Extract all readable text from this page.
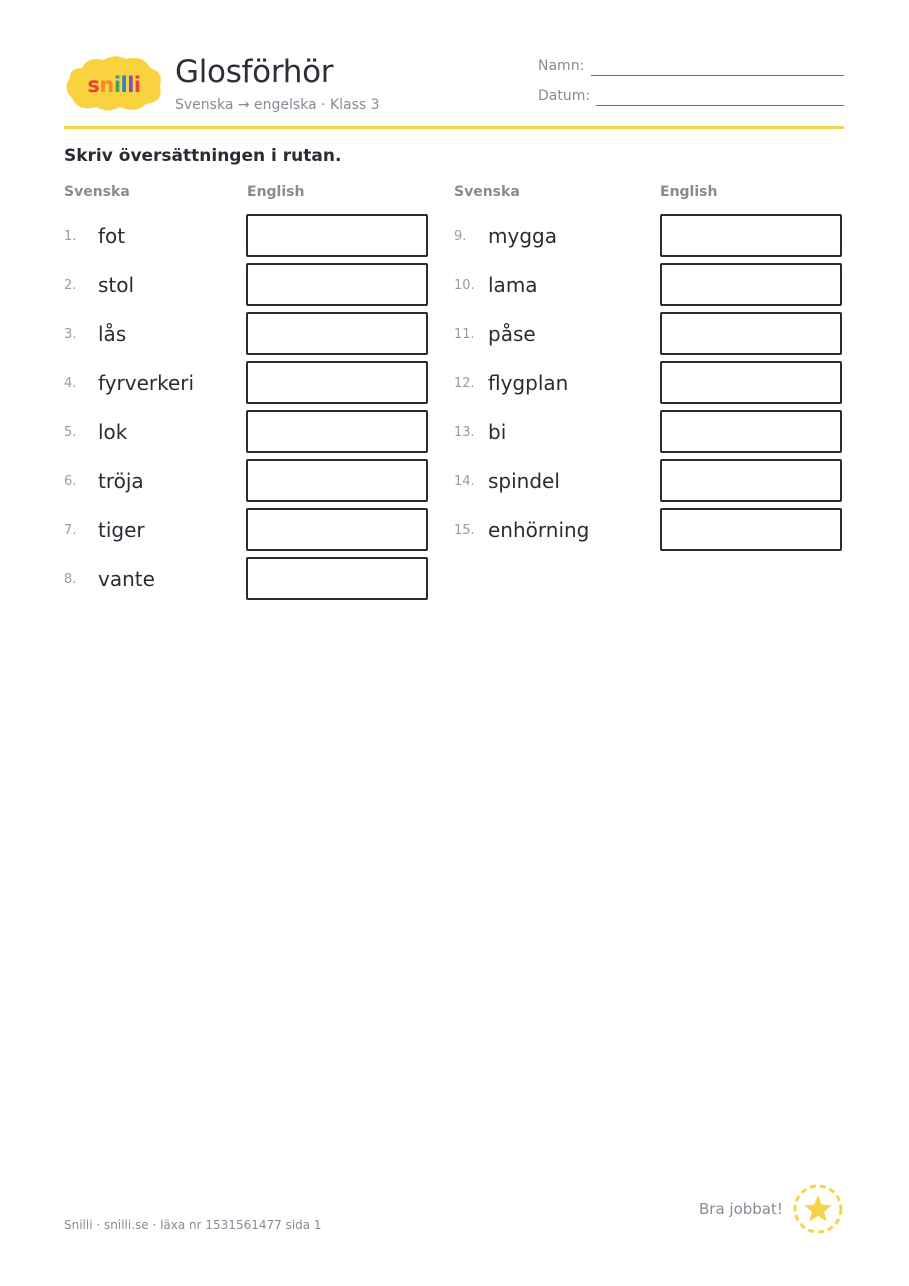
snilli Glosförhör
Svenska → engelska · Klass 3
Namn:
Datum:
Skriv översättningen i rutan.
Svenska	English	Svenska	English
1. fot
2. stol
3. lås
4. fyrverkeri
5. lok
6. tröja
7. tiger
8. vante
9. mygga
10. lama
11. påse
12. flygplan
13. bi
14. spindel
15. enhörning
Snilli · snilli.se · läxa nr 1531561477 sida 1
Bra jobbat!
